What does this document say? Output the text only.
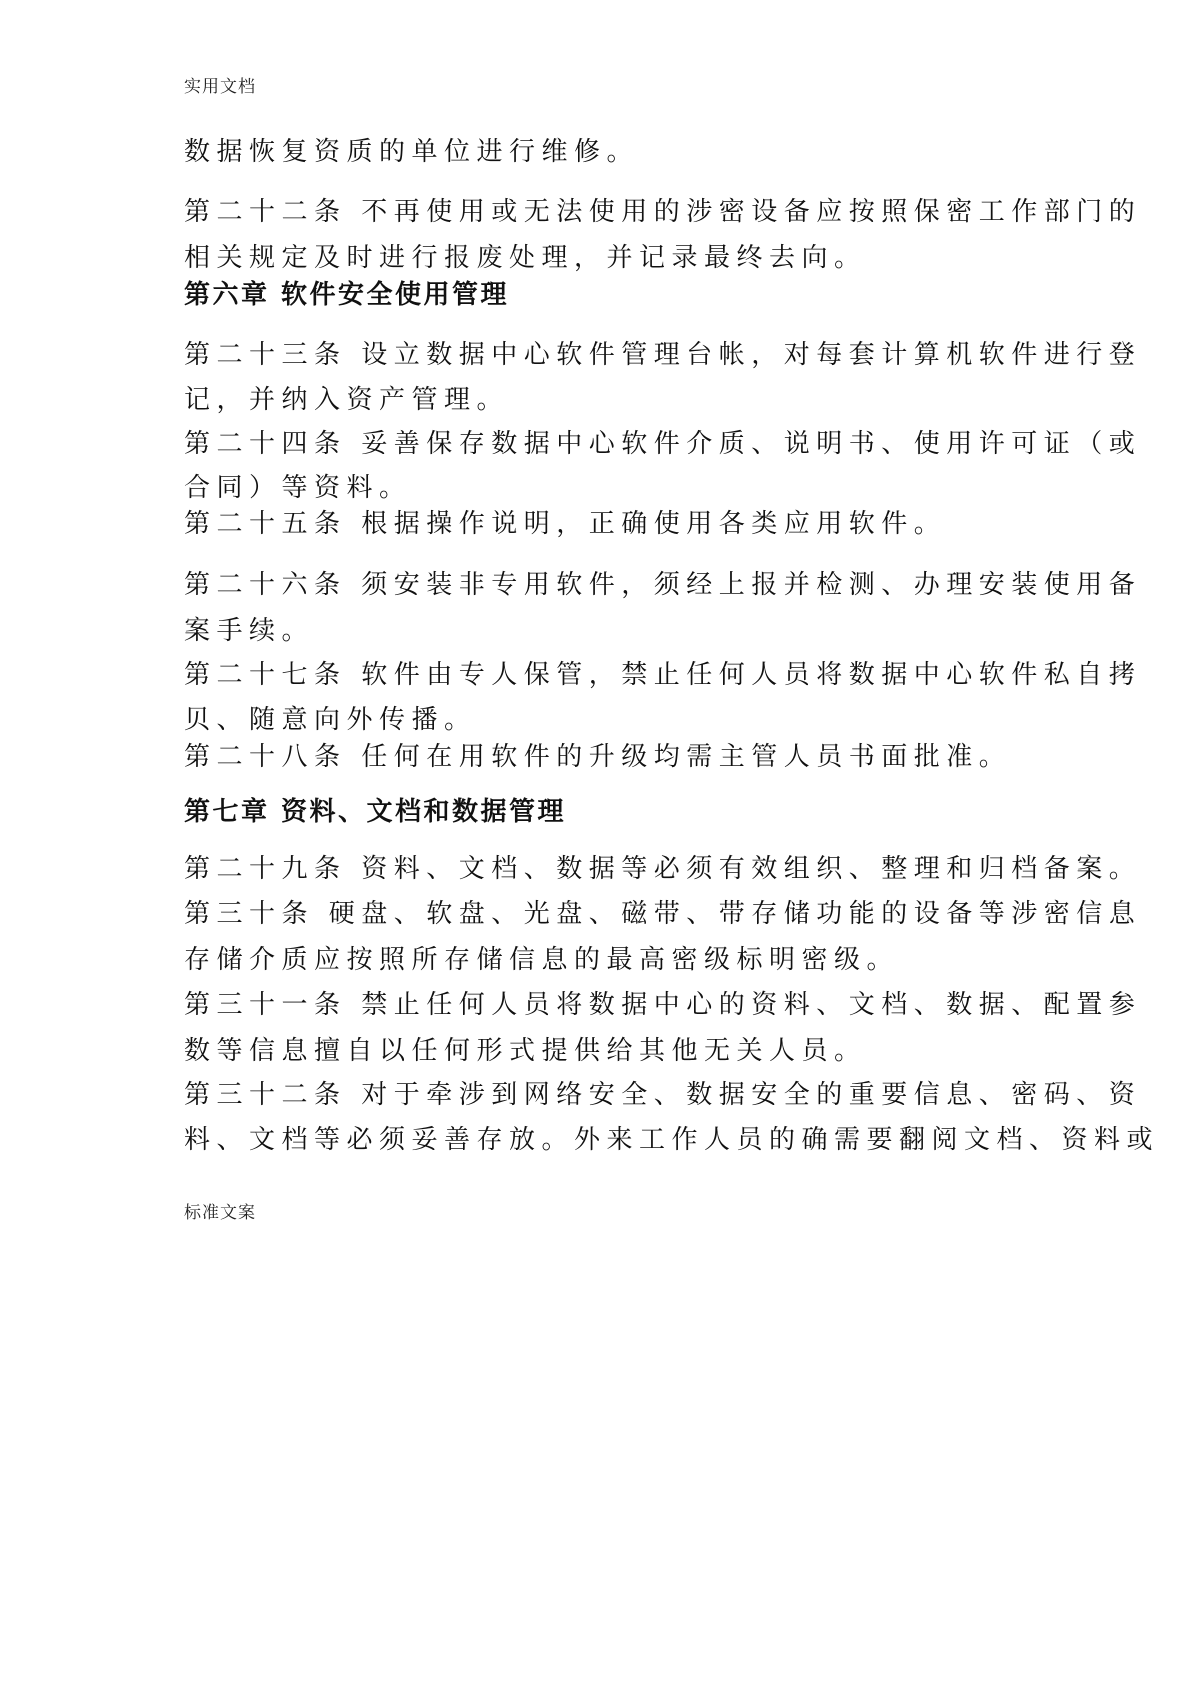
实用文档
数据恢复资质的单位进行维修。
第二十二条 不再使用或无法使用的涉密设备应按照保密工作部门的
相关规定及时进行报废处理，并记录最终去向。
第六章 软件安全使用管理
第二十三条 设立数据中心软件管理台帐，对每套计算机软件进行登
记，并纳入资产管理。
第二十四条 妥善保存数据中心软件介质、说明书、使用许可证（或
合同）等资料。
第二十五条 根据操作说明，正确使用各类应用软件。
第二十六条 须安装非专用软件，须经上报并检测、办理安装使用备
案手续。
第二十七条 软件由专人保管，禁止任何人员将数据中心软件私自拷
贝、随意向外传播。
第二十八条 任何在用软件的升级均需主管人员书面批准。
第七章 资料、文档和数据管理
第二十九条 资料、文档、数据等必须有效组织、整理和归档备案。
第三十条 硬盘、软盘、光盘、磁带、带存储功能的设备等涉密信息
存储介质应按照所存储信息的最高密级标明密级。
第三十一条 禁止任何人员将数据中心的资料、文档、数据、配置参
数等信息擅自以任何形式提供给其他无关人员。
第三十二条 对于牵涉到网络安全、数据安全的重要信息、密码、资
料、文档等必须妥善存放。外来工作人员的确需要翻阅文档、资料或
标准文案
